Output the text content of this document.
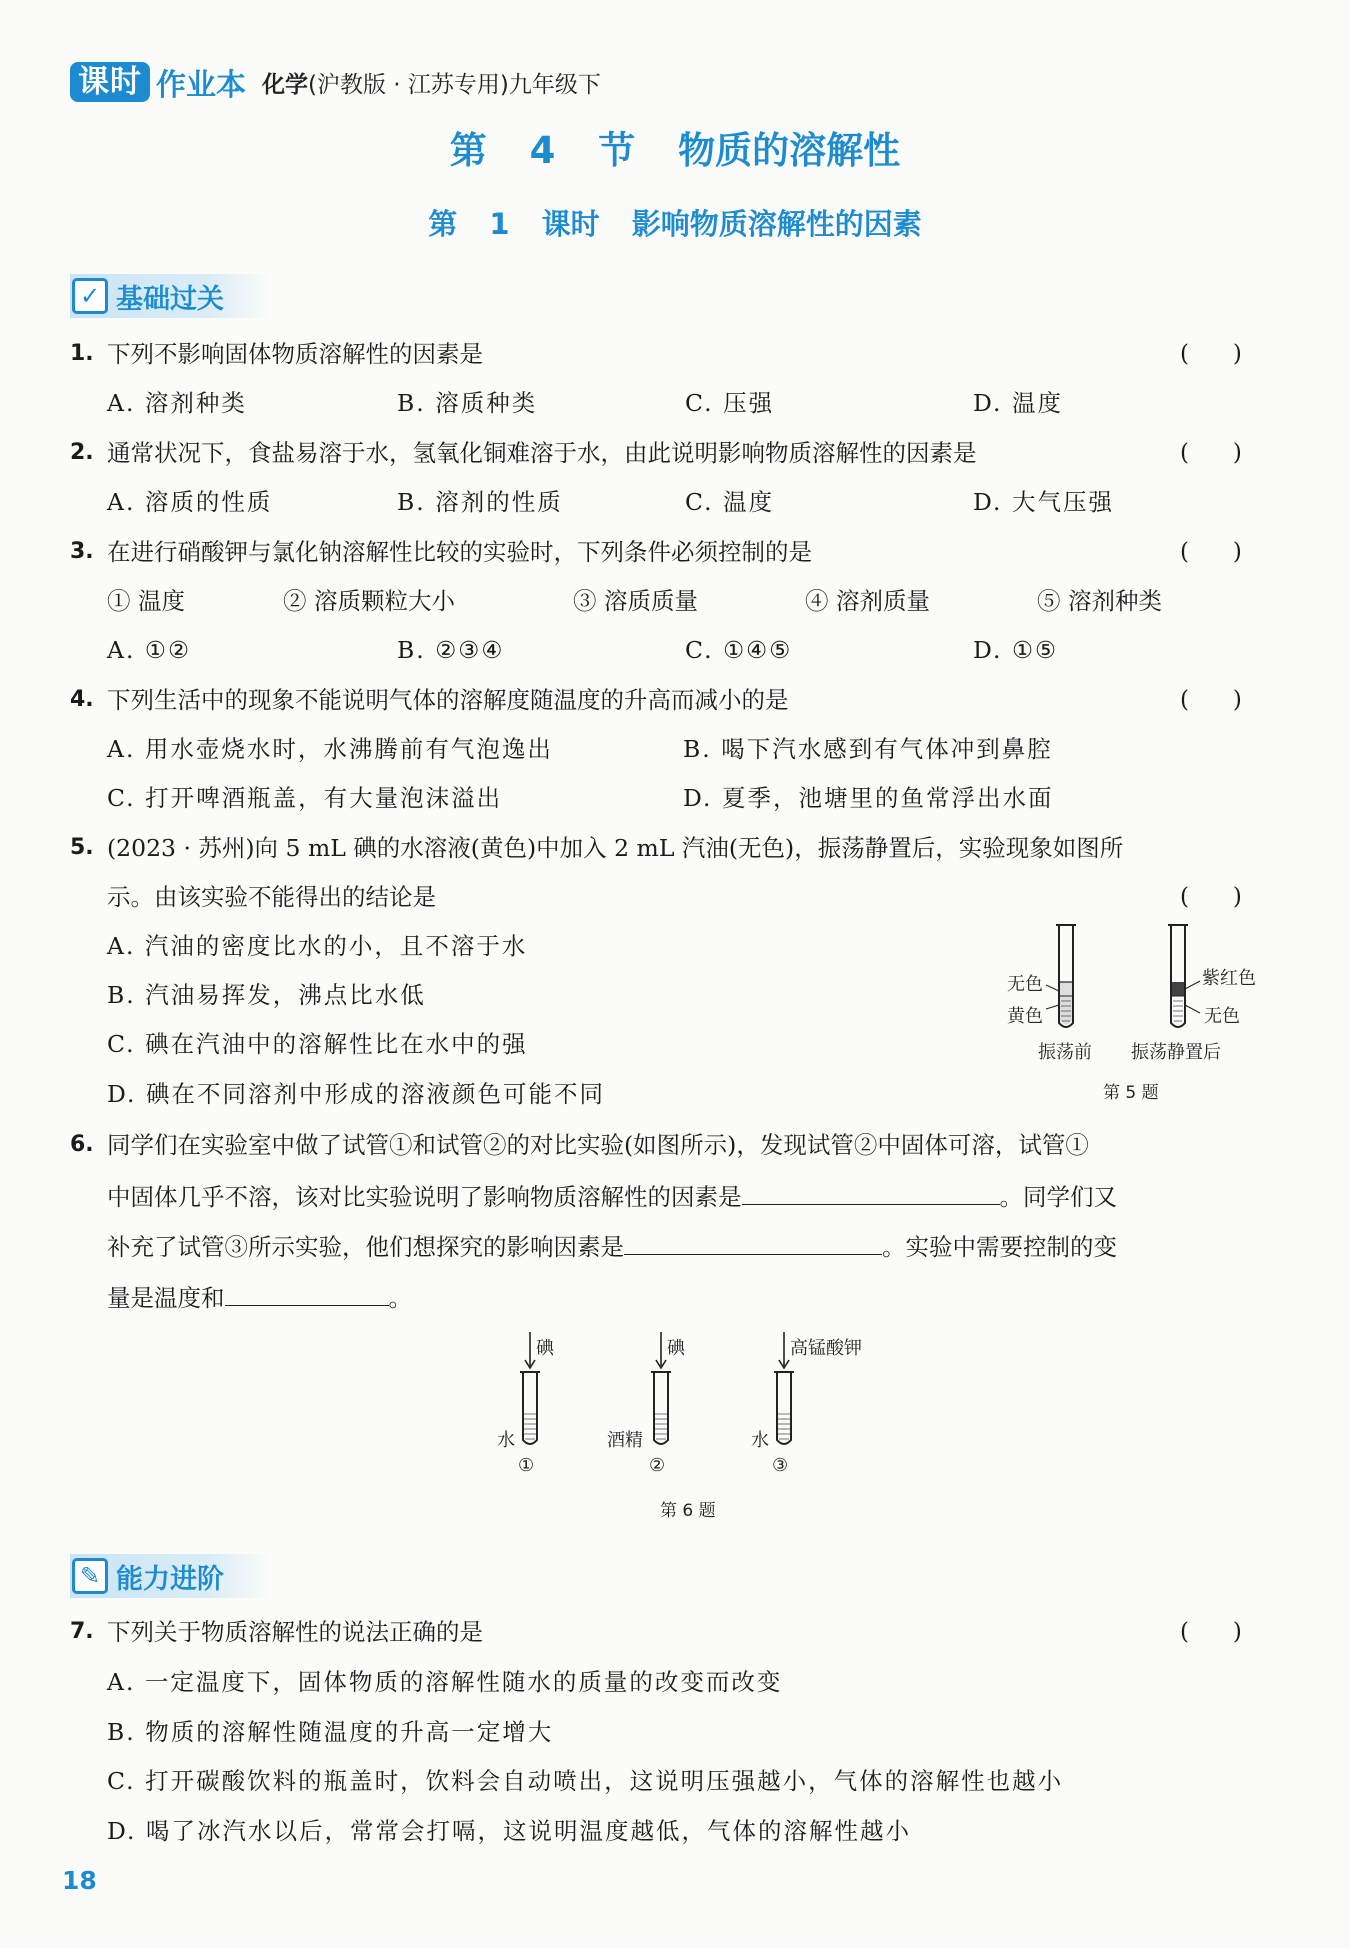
课时 作业本 化学(沪教版 · 江苏专用)九年级下
第 4 节 物质的溶解性
第 1 课时 影响物质溶解性的因素
✓ 基础过关
1. 下列不影响固体物质溶解性的因素是	(      )
A. 溶剂种类	B. 溶质种类	C. 压强	D. 温度
2. 通常状况下，食盐易溶于水，氢氧化铜难溶于水，由此说明影响物质溶解性的因素是	(      )
A. 溶质的性质	B. 溶剂的性质	C. 温度	D. 大气压强
3. 在进行硝酸钾与氯化钠溶解性比较的实验时，下列条件必须控制的是	(      )
① 温度	② 溶质颗粒大小	③ 溶质质量	④ 溶剂质量	⑤ 溶剂种类
A. ①②	B. ②③④	C. ①④⑤	D. ①⑤
4. 下列生活中的现象不能说明气体的溶解度随温度的升高而减小的是	(      )
A. 用水壶烧水时，水沸腾前有气泡逸出	B. 喝下汽水感到有气体冲到鼻腔
C. 打开啤酒瓶盖，有大量泡沫溢出	D. 夏季，池塘里的鱼常浮出水面
5. (2023 · 苏州)向 5 mL 碘的水溶液(黄色)中加入 2 mL 汽油(无色)，振荡静置后，实验现象如图所
示。由该实验不能得出的结论是	(      )
A. 汽油的密度比水的小，且不溶于水
B. 汽油易挥发，沸点比水低
C. 碘在汽油中的溶解性比在水中的强
D. 碘在不同溶剂中形成的溶液颜色可能不同
无色
黄色
振荡前
紫红色
无色
振荡静置后
第 5 题
6. 同学们在实验室中做了试管①和试管②的对比实验(如图所示)，发现试管②中固体可溶，试管①
中固体几乎不溶，该对比实验说明了影响物质溶解性的因素是	。同学们又
补充了试管③所示实验，他们想探究的影响因素是	。实验中需要控制的变
量是温度和	。
碘
水
①
碘
酒精
②
高锰酸钾
水
③
第 6 题
✎ 能力进阶
7. 下列关于物质溶解性的说法正确的是	(      )
A. 一定温度下，固体物质的溶解性随水的质量的改变而改变
B. 物质的溶解性随温度的升高一定增大
C. 打开碳酸饮料的瓶盖时，饮料会自动喷出，这说明压强越小，气体的溶解性也越小
D. 喝了冰汽水以后，常常会打嗝，这说明温度越低，气体的溶解性越小
18
